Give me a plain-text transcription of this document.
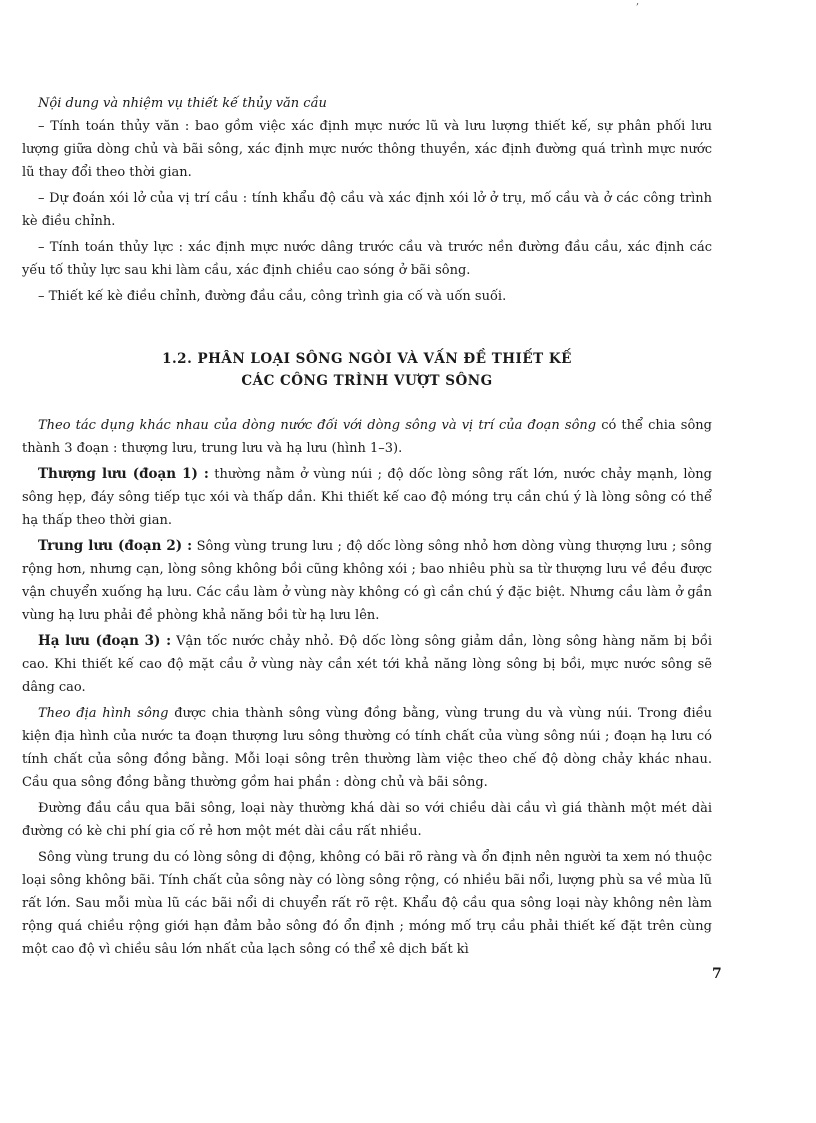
,

Nội dung và nhiệm vụ thiết kế thủy văn cầu

– Tính toán thủy văn : bao gồm việc xác định mực nước lũ và lưu lượng thiết kế, sự phân phối lưu lượng giữa dòng chủ và bãi sông, xác định mực nước thông thuyền, xác định đường quá trình mực nước lũ thay đổi theo thời gian.

– Dự đoán xói lở của vị trí cầu : tính khẩu độ cầu và xác định xói lở ở trụ, mố cầu và ở các công trình kè điều chỉnh.

– Tính toán thủy lực : xác định mực nước dâng trước cầu và trước nền đường đầu cầu, xác định các yếu tố thủy lực sau khi làm cầu, xác định chiều cao sóng ở bãi sông.

– Thiết kế kè điều chỉnh, đường đầu cầu, công trình gia cố và uốn suối.

1.2. PHÂN LOẠI SÔNG NGÒI VÀ VẤN ĐỀ THIẾT KẾ
CÁC CÔNG TRÌNH VƯỢT SÔNG

Theo tác dụng khác nhau của dòng nước đối với dòng sông và vị trí của đoạn sông có thể chia sông thành 3 đoạn : thượng lưu, trung lưu và hạ lưu (hình 1–3).

Thượng lưu (đoạn 1) : thường nằm ở vùng núi ; độ dốc lòng sông rất lớn, nước chảy mạnh, lòng sông hẹp, đáy sông tiếp tục xói và thấp dần. Khi thiết kế cao độ móng trụ cần chú ý là lòng sông có thể hạ thấp theo thời gian.

Trung lưu (đoạn 2) : Sông vùng trung lưu ; độ dốc lòng sông nhỏ hơn dòng vùng thượng lưu ; sông rộng hơn, nhưng cạn, lòng sông không bồi cũng không xói ; bao nhiêu phù sa từ thượng lưu về đều được vận chuyển xuống hạ lưu. Các cầu làm ở vùng này không có gì cần chú ý đặc biệt. Nhưng cầu làm ở gần vùng hạ lưu phải đề phòng khả năng bồi từ hạ lưu lên.

Hạ lưu (đoạn 3) : Vận tốc nước chảy nhỏ. Độ dốc lòng sông giảm dần, lòng sông hàng năm bị bồi cao. Khi thiết kế cao độ mặt cầu ở vùng này cần xét tới khả năng lòng sông bị bồi, mực nước sông sẽ dâng cao.

Theo địa hình sông được chia thành sông vùng đồng bằng, vùng trung du và vùng núi. Trong điều kiện địa hình của nước ta đoạn thượng lưu sông thường có tính chất của vùng sông núi ; đoạn hạ lưu có tính chất của sông đồng bằng. Mỗi loại sông trên thường làm việc theo chế độ dòng chảy khác nhau. Cầu qua sông đồng bằng thường gồm hai phần : dòng chủ và bãi sông.

Đường đầu cầu qua bãi sông, loại này thường khá dài so với chiều dài cầu vì giá thành một mét dài đường có kè chi phí gia cố rẻ hơn một mét dài cầu rất nhiều.

Sông vùng trung du có lòng sông di động, không có bãi rõ ràng và ổn định nên người ta xem nó thuộc loại sông không bãi. Tính chất của sông này có lòng sông rộng, có nhiều bãi nổi, lượng phù sa về mùa lũ rất lớn. Sau mỗi mùa lũ các bãi nổi di chuyển rất rõ rệt. Khẩu độ cầu qua sông loại này không nên làm rộng quá chiều rộng giới hạn đảm bảo sông đó ổn định ; móng mố trụ cầu phải thiết kế đặt trên cùng một cao độ vì chiều sâu lớn nhất của lạch sông có thể xê dịch bất kì

7
